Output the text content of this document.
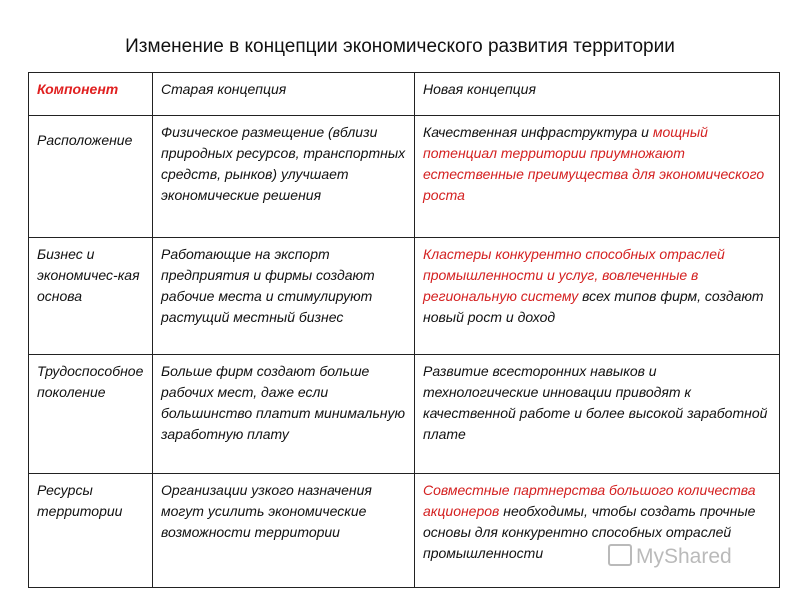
Изменение в концепции экономического развития территории
Компонент	Старая концепция	Новая концепция
Расположение	Физическое размещение (вблизи природных ресурсов, транспортных средств, рынков) улучшает экономические решения	Качественная инфраструктура и мощный потенциал территории приумножают естественные преимущества для экономического роста
Бизнес и экономичес-кая основа	Работающие на экспорт предприятия и фирмы создают рабочие места и стимулируют растущий местный бизнес	Кластеры конкурентно способных отраслей промышленности и услуг, вовлеченные в региональную систему всех типов фирм, создают новый рост и доход
Трудоспособное поколение	Больше фирм создают больше рабочих мест, даже если большинство платит минимальную заработную плату	Развитие всесторонних навыков и технологические инновации приводят к качественной работе и более высокой заработной плате
Ресурсы территории	Организации узкого назначения могут усилить экономические возможности территории	Совместные партнерства большого количества акционеров необходимы, чтобы создать прочные основы для конкурентно способных отраслей промышленности	MyShared
